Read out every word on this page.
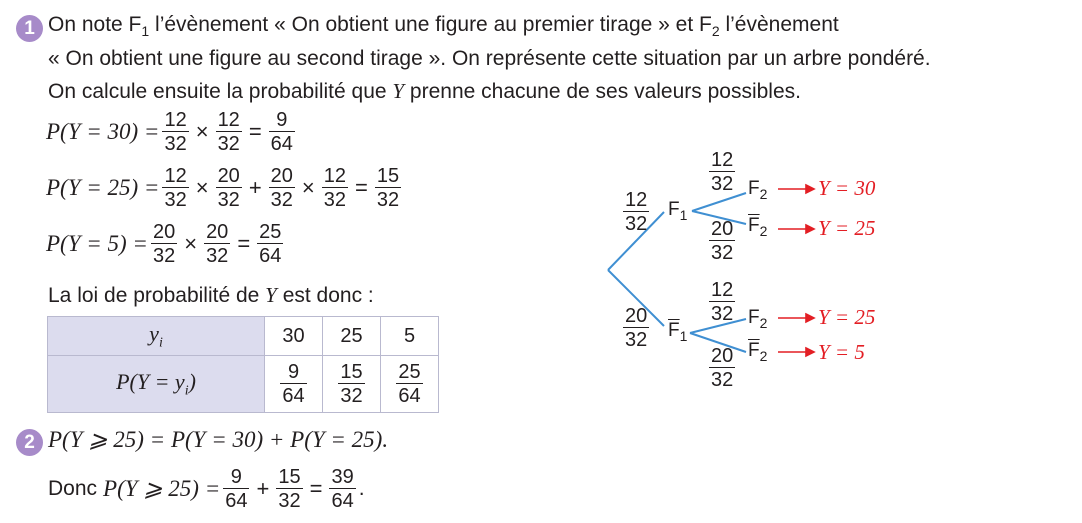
1 On note $F_1$ l’évènement « On obtient une figure au premier tirage » et $F_2$ l’évènement
« On obtient une figure au second tirage ». On représente cette situation par un arbre pondéré.
On calcule ensuite la probabilité que Y prenne chacune de ses valeurs possibles.
$P(Y = 30) = \frac{12}{32} \times \frac{12}{32} = \frac{9}{64}$
$P(Y = 25) = \frac{12}{32} \times \frac{20}{32} + \frac{20}{32} \times \frac{12}{32} = \frac{15}{32}$
$P(Y = 5) = \frac{20}{32} \times \frac{20}{32} = \frac{25}{64}$
La loi de probabilité de Y est donc :
$y_i$	30	25	5
$P(Y = y_i)$	$\frac{9}{64}$	$\frac{15}{32}$	$\frac{25}{64}$
$\frac{12}{32}$
$\frac{20}{32}$
$F_1$
$\overline{F}_1$
$\frac{12}{32}$
$\frac{20}{32}$
$F_2$
$\overline{F}_2$
Y = 30
Y = 25
$\frac{12}{32}$
$\frac{20}{32}$
$F_2$
$\overline{F}_2$
Y = 25
Y = 5
2 P(Y ⩾ 25) = P(Y = 30) + P(Y = 25).
Donc P(Y ⩾ $25) = \frac{9}{64} + \frac{15}{32} = \frac{39}{64}$ .
